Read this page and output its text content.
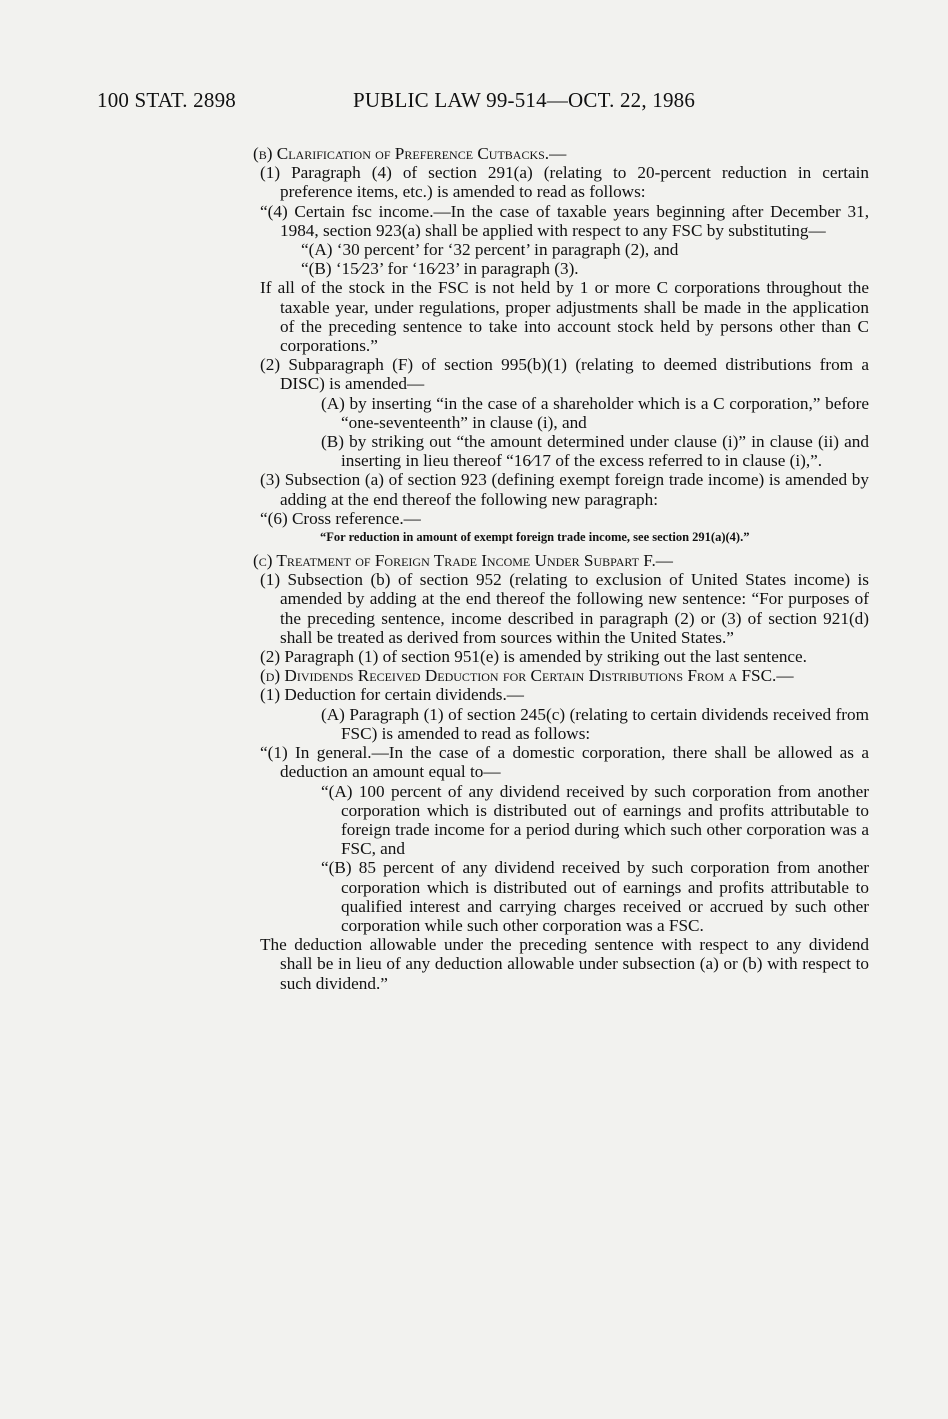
100 STAT. 2898	PUBLIC LAW 99-514—OCT. 22, 1986

(b) Clarification of Preference Cutbacks.—

(1) Paragraph (4) of section 291(a) (relating to 20-percent reduction in certain preference items, etc.) is amended to read as follows:

“(4) Certain fsc income.—In the case of taxable years beginning after December 31, 1984, section 923(a) shall be applied with respect to any FSC by substituting—

“(A) ‘30 percent’ for ‘32 percent’ in paragraph (2), and

“(B) ‘15⁄23’ for ‘16⁄23’ in paragraph (3).

If all of the stock in the FSC is not held by 1 or more C corporations throughout the taxable year, under regulations, proper adjustments shall be made in the application of the preceding sentence to take into account stock held by persons other than C corporations.”

(2) Subparagraph (F) of section 995(b)(1) (relating to deemed distributions from a DISC) is amended—

(A) by inserting “in the case of a shareholder which is a C corporation,” before “one-seventeenth” in clause (i), and

(B) by striking out “the amount determined under clause (i)” in clause (ii) and inserting in lieu thereof “16⁄17 of the excess referred to in clause (i),”.

(3) Subsection (a) of section 923 (defining exempt foreign trade income) is amended by adding at the end thereof the following new paragraph:

“(6) Cross reference.—

“For reduction in amount of exempt foreign trade income, see section 291(a)(4).”

(c) Treatment of Foreign Trade Income Under Subpart F.—

(1) Subsection (b) of section 952 (relating to exclusion of United States income) is amended by adding at the end thereof the following new sentence: “For purposes of the preceding sentence, income described in paragraph (2) or (3) of section 921(d) shall be treated as derived from sources within the United States.”

(2) Paragraph (1) of section 951(e) is amended by striking out the last sentence.

(d) Dividends Received Deduction for Certain Distributions From a FSC.—

(1) Deduction for certain dividends.—

(A) Paragraph (1) of section 245(c) (relating to certain dividends received from FSC) is amended to read as follows:

“(1) In general.—In the case of a domestic corporation, there shall be allowed as a deduction an amount equal to—

“(A) 100 percent of any dividend received by such corporation from another corporation which is distributed out of earnings and profits attributable to foreign trade income for a period during which such other corporation was a FSC, and

“(B) 85 percent of any dividend received by such corporation from another corporation which is distributed out of earnings and profits attributable to qualified interest and carrying charges received or accrued by such other corporation while such other corporation was a FSC.

The deduction allowable under the preceding sentence with respect to any dividend shall be in lieu of any deduction allowable under subsection (a) or (b) with respect to such dividend.”
